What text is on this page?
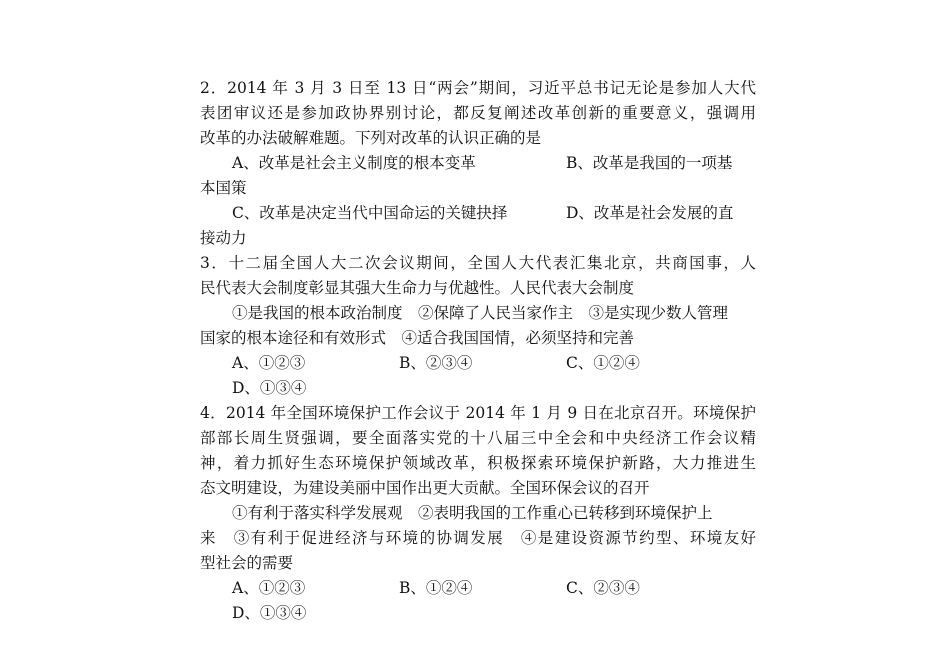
2．2014 年 3 月 3 日至 13 日“两会”期间，习近平总书记无论是参加人大代
表团审议还是参加政协界别讨论，都反复阐述改革创新的重要意义，强调用
改革的办法破解难题。下列对改革的认识正确的是
A、改革是社会主义制度的根本变革	B、改革是我国的一项基
本国策
C、改革是决定当代中国命运的关键抉择	D、改革是社会发展的直
接动力
3．十二届全国人大二次会议期间，全国人大代表汇集北京，共商国事，人
民代表大会制度彰显其强大生命力与优越性。人民代表大会制度
①是我国的根本政治制度　②保障了人民当家作主　③是实现少数人管理
国家的根本途径和有效形式　④适合我国国情，必须坚持和完善
A、①②③	B、②③④	C、①②④
D、①③④
4．2014 年全国环境保护工作会议于 2014 年 1 月 9 日在北京召开。环境保护
部部长周生贤强调，要全面落实党的十八届三中全会和中央经济工作会议精
神，着力抓好生态环境保护领域改革，积极探索环境保护新路，大力推进生
态文明建设，为建设美丽中国作出更大贡献。全国环保会议的召开
①有利于落实科学发展观　②表明我国的工作重心已转移到环境保护上
来　③有利于促进经济与环境的协调发展　④是建设资源节约型、环境友好
型社会的需要
A、①②③	B、①②④	C、②③④
D、①③④
